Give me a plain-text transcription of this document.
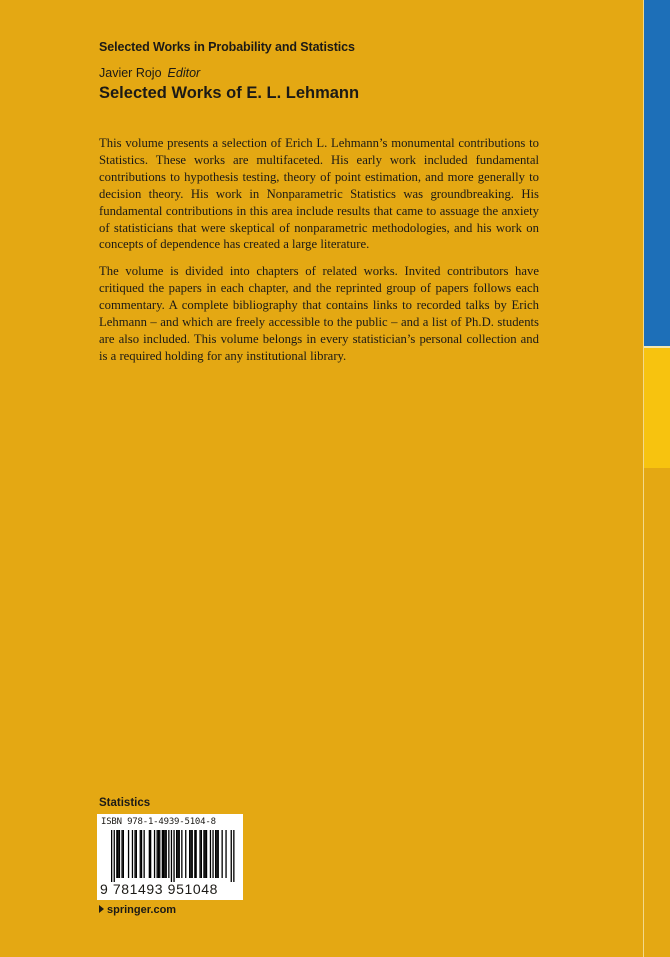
Selected Works in Probability and Statistics
Javier Rojo Editor
Selected Works of E. L. Lehmann

This volume presents a selection of Erich L. Lehmann’s monumental contributions to Statistics. These works are multifaceted. His early work included fundamental contributions to hypothesis testing, theory of point estimation, and more generally to decision theory. His work in Nonparametric Statistics was groundbreaking. His fundamental contributions in this area include results that came to assuage the anxiety of statisticians that were skeptical of nonparametric methodologies, and his work on concepts of dependence has created a large literature.

The volume is divided into chapters of related works. Invited contributors have critiqued the papers in each chapter, and the reprinted group of papers follows each commentary. A complete bibliography that contains links to recorded talks by Erich Lehmann – and which are freely accessible to the public – and a list of Ph.D. students are also included. This volume belongs in every statistician’s personal collection and is a required holding for any institutional library.

Statistics
ISBN 978-1-4939-5104-8
9 781493 951048
springer.com
